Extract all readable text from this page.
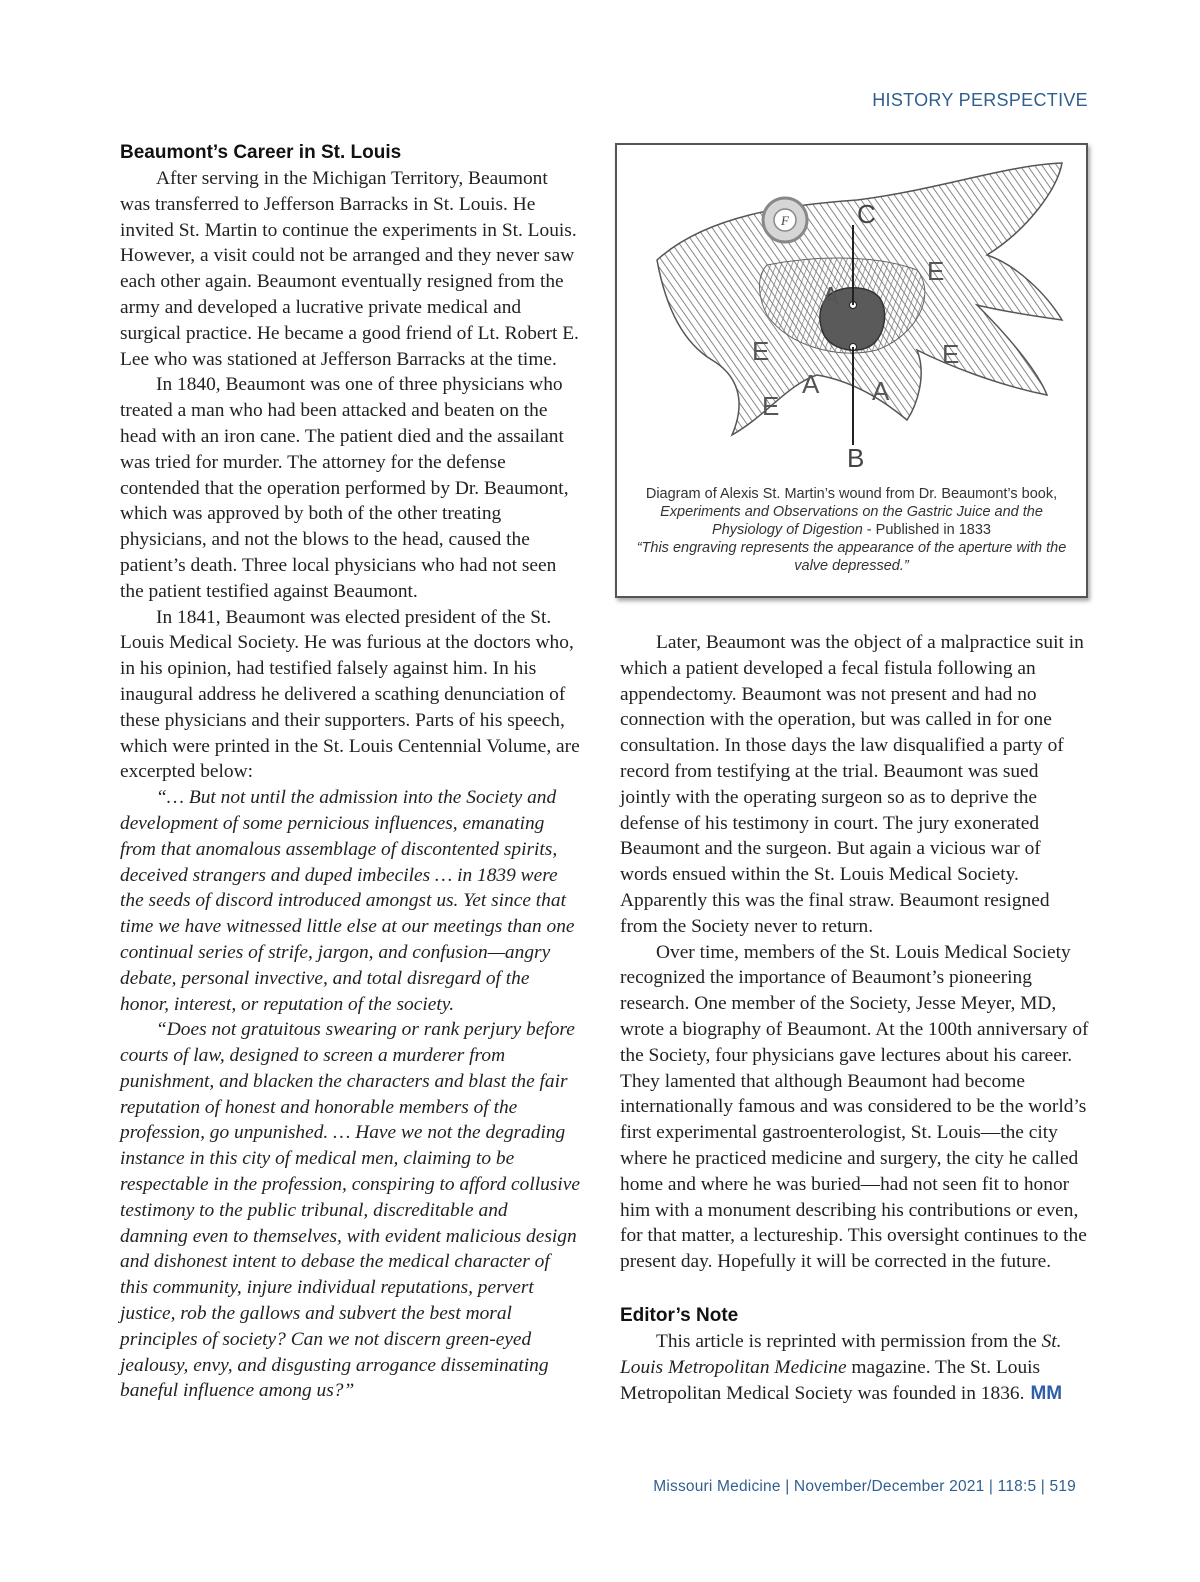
HISTORY PERSPECTIVE
Beaumont’s Career in St. Louis

After serving in the Michigan Territory, Beaumont was transferred to Jefferson Barracks in St. Louis. He invited St. Martin to continue the experiments in St. Louis. However, a visit could not be arranged and they never saw each other again. Beaumont eventually resigned from the army and developed a lucrative private medical and surgical practice. He became a good friend of Lt. Robert E. Lee who was stationed at Jefferson Barracks at the time.

In 1840, Beaumont was one of three physicians who treated a man who had been attacked and beaten on the head with an iron cane. The patient died and the assailant was tried for murder. The attorney for the defense contended that the operation performed by Dr. Beaumont, which was approved by both of the other treating physicians, and not the blows to the head, caused the patient’s death. Three local physicians who had not seen the patient testified against Beaumont.

In 1841, Beaumont was elected president of the St. Louis Medical Society. He was furious at the doctors who, in his opinion, had testified falsely against him. In his inaugural address he delivered a scathing denunciation of these physicians and their supporters. Parts of his speech, which were printed in the St. Louis Centennial Volume, are excerpted below:

“… But not until the admission into the Society and development of some pernicious influences, emanating from that anomalous assemblage of discontented spirits, deceived strangers and duped imbeciles … in 1839 were the seeds of discord introduced amongst us. Yet since that time we have witnessed little else at our meetings than one continual series of strife, jargon, and confusion—angry debate, personal invective, and total disregard of the honor, interest, or reputation of the society.

“Does not gratuitous swearing or rank perjury before courts of law, designed to screen a murderer from punishment, and blacken the characters and blast the fair reputation of honest and honorable members of the profession, go unpunished. … Have we not the degrading instance in this city of medical men, claiming to be respectable in the profession, conspiring to afford collusive testimony to the public tribunal, discreditable and damning even to themselves, with evident malicious design and dishonest intent to debase the medical character of this community, injure individual reputations, pervert justice, rob the gallows and subvert the best moral principles of society? Can we not discern green-eyed jealousy, envy, and disgusting arrogance disseminating baneful influence among us?”

F	C
B
A
A A
E
E	E
E
Diagram of Alexis St. Martin’s wound from Dr. Beaumont’s book, Experiments and Observations on the Gastric Juice and the Physiology of Digestion - Published in 1833
“This engraving represents the appearance of the aperture with the valve depressed.”

Later, Beaumont was the object of a malpractice suit in which a patient developed a fecal fistula following an appendectomy. Beaumont was not present and had no connection with the operation, but was called in for one consultation. In those days the law disqualified a party of record from testifying at the trial. Beaumont was sued jointly with the operating surgeon so as to deprive the defense of his testimony in court. The jury exonerated Beaumont and the surgeon. But again a vicious war of words ensued within the St. Louis Medical Society. Apparently this was the final straw. Beaumont resigned from the Society never to return.

Over time, members of the St. Louis Medical Society recognized the importance of Beaumont’s pioneering research. One member of the Society, Jesse Meyer, MD, wrote a biography of Beaumont. At the 100th anniversary of the Society, four physicians gave lectures about his career. They lamented that although Beaumont had become internationally famous and was considered to be the world’s first experimental gastroenterologist, St. Louis—the city where he practiced medicine and surgery, the city he called home and where he was buried—had not seen fit to honor him with a monument describing his contributions or even, for that matter, a lectureship. This oversight continues to the present day. Hopefully it will be corrected in the future.

Editor’s Note

This article is reprinted with permission from the St. Louis Metropolitan Medicine magazine. The St. Louis Metropolitan Medical Society was founded in 1836. MM

Missouri Medicine | November/December 2021 | 118:5 | 519
